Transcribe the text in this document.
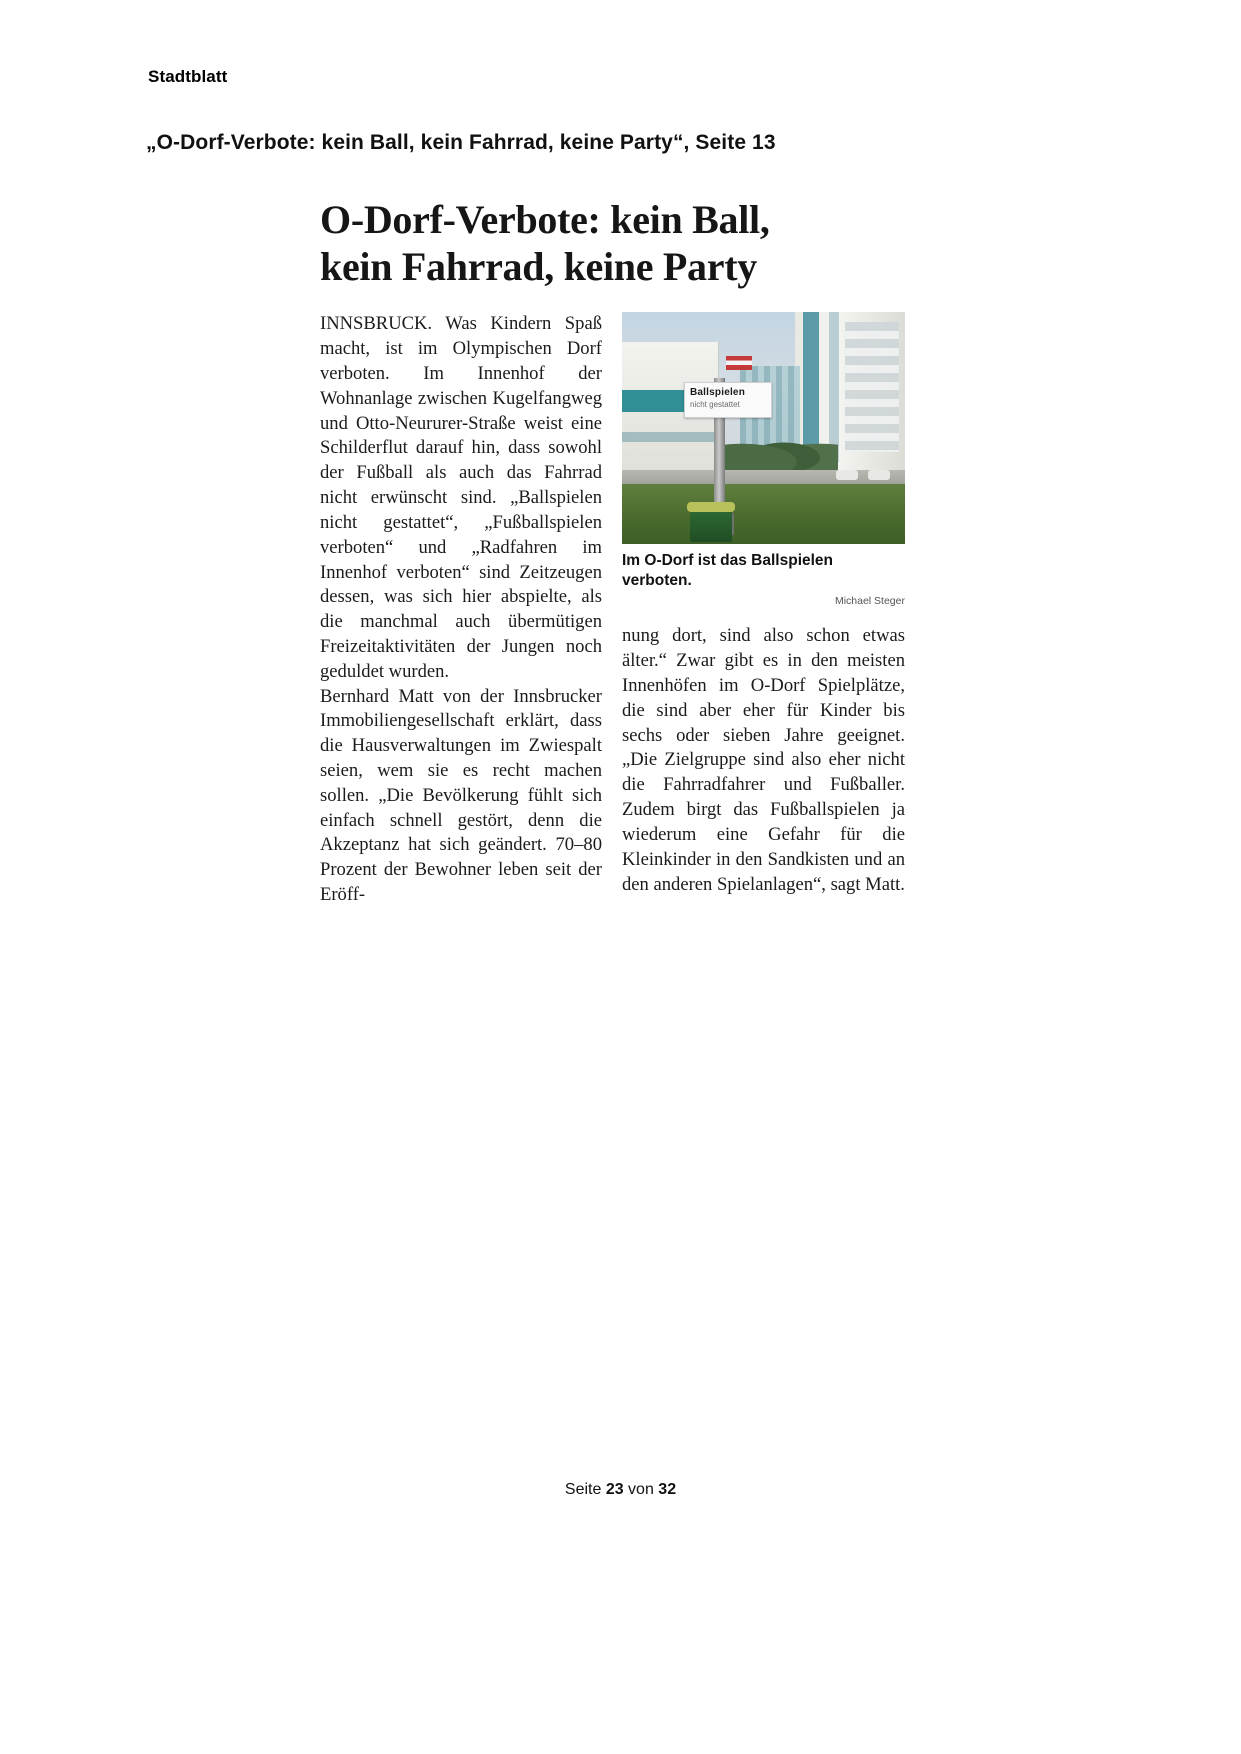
Stadtblatt
„O-Dorf-Verbote: kein Ball, kein Fahrrad, keine Party“, Seite 13
O-Dorf-Verbote: kein Ball,
kein Fahrrad, keine Party

INNSBRUCK. Was Kindern Spaß macht, ist im Olympischen Dorf verboten. Im Innenhof der Wohnanlage zwischen Kugelfangweg und Otto-Neururer-Straße weist eine Schilderflut darauf hin, dass sowohl der Fußball als auch das Fahrrad nicht erwünscht sind. „Ballspielen nicht gestattet“, „Fußballspielen verboten“ und „Radfahren im Innenhof verboten“ sind Zeitzeugen dessen, was sich hier abspielte, als die manchmal auch übermütigen Freizeitaktivitäten der Jungen noch geduldet wurden.

Bernhard Matt von der Innsbrucker Immobiliengesellschaft erklärt, dass die Hausverwaltungen im Zwiespalt seien, wem sie es recht machen sollen. „Die Bevölkerung fühlt sich einfach schnell gestört, denn die Akzeptanz hat sich geändert. 70–80 Prozent der Bewohner leben seit der Eröff-

Ballspielen
nicht gestattet
Im O-Dorf ist das Ballspielen verboten.
Michael Steger

nung dort, sind also schon etwas älter.“ Zwar gibt es in den meisten Innenhöfen im O-Dorf Spielplätze, die sind aber eher für Kinder bis sechs oder sieben Jahre geeignet. „Die Zielgruppe sind also eher nicht die Fahrradfahrer und Fußballer. Zudem birgt das Fußballspielen ja wiederum eine Gefahr für die Kleinkinder in den Sandkisten und an den anderen Spielanlagen“, sagt Matt.

Seite 23 von 32
